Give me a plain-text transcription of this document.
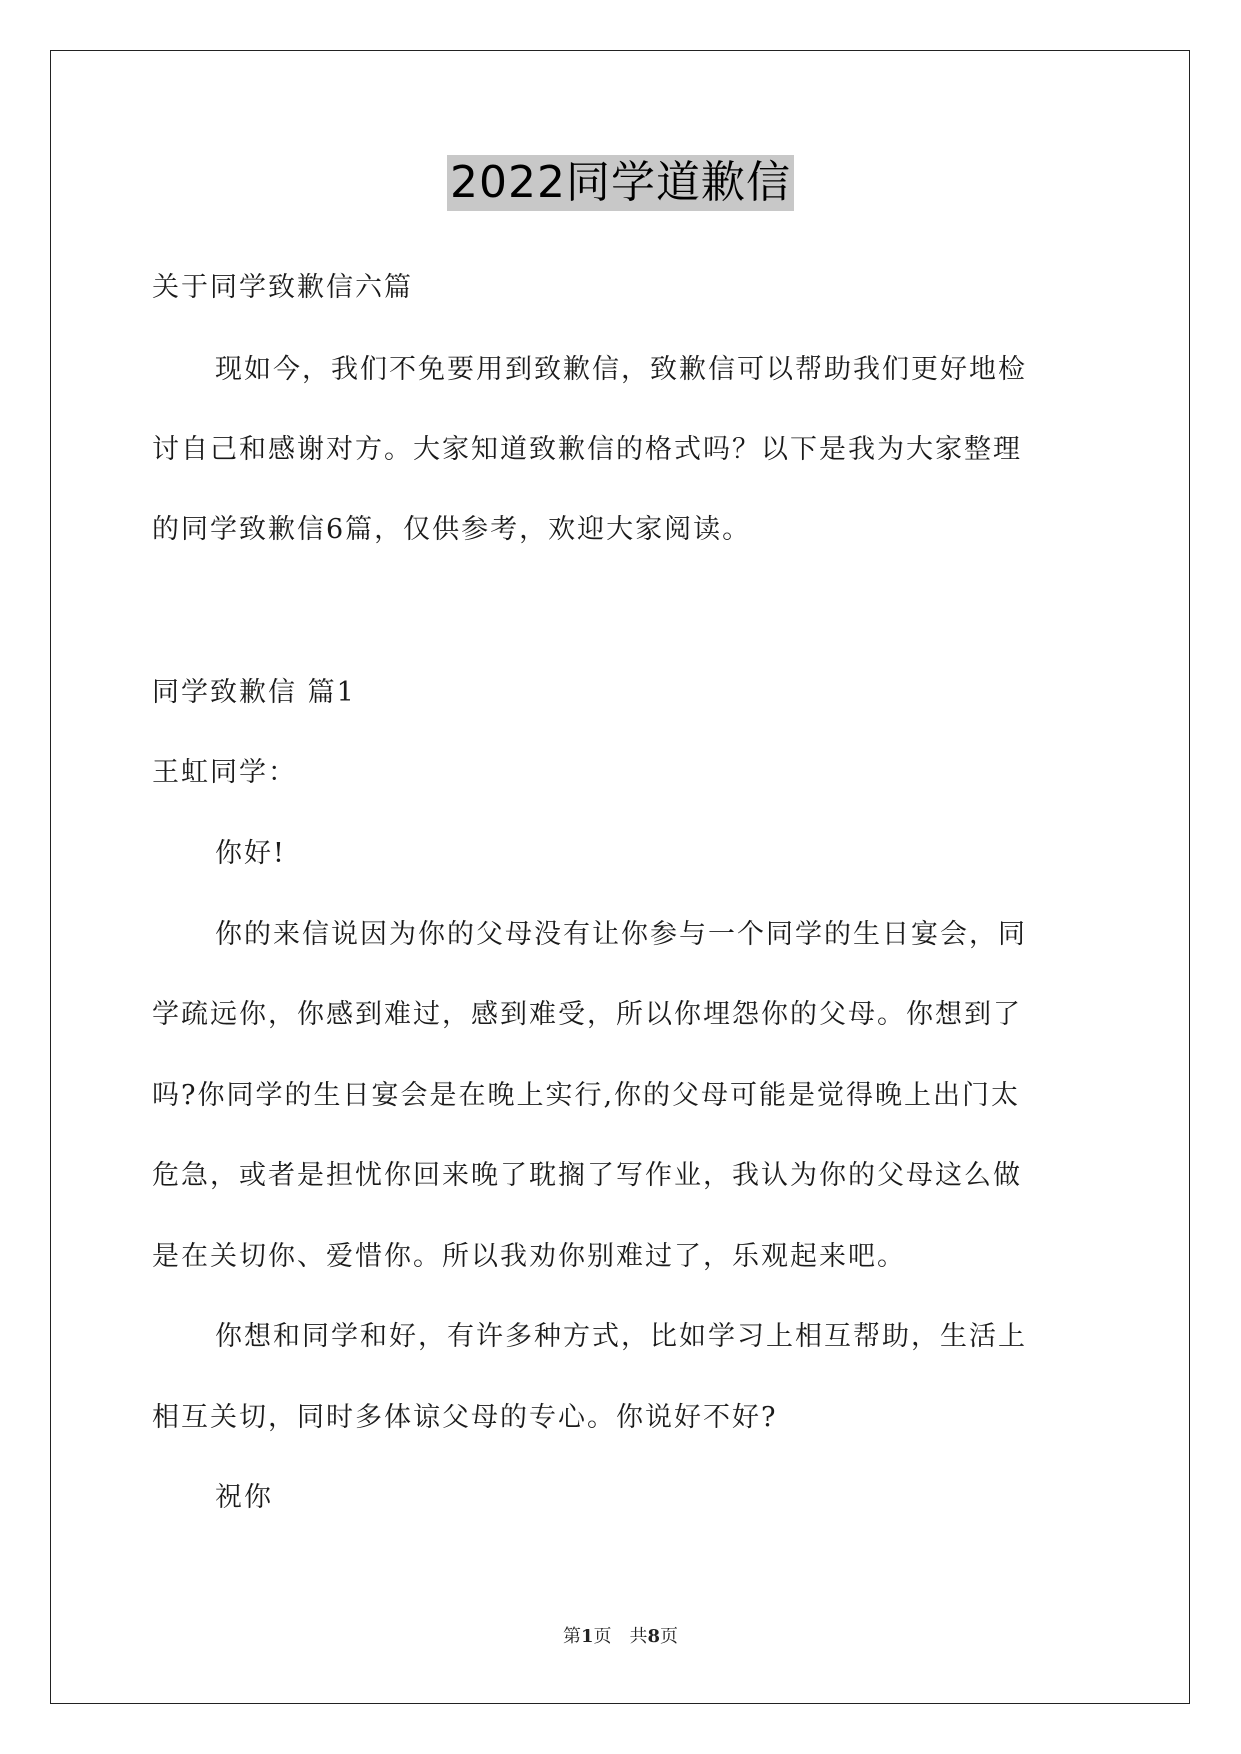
2022同学道歉信
关于同学致歉信六篇
现如今，我们不免要用到致歉信，致歉信可以帮助我们更好地检
讨自己和感谢对方。大家知道致歉信的格式吗？以下是我为大家整理
的同学致歉信6篇，仅供参考，欢迎大家阅读。
同学致歉信 篇1
王虹同学：
你好!
你的来信说因为你的父母没有让你参与一个同学的生日宴会，同
学疏远你，你感到难过，感到难受，所以你埋怨你的父母。你想到了
吗?你同学的生日宴会是在晚上实行,你的父母可能是觉得晚上出门太
危急，或者是担忧你回来晚了耽搁了写作业，我认为你的父母这么做
是在关切你、爱惜你。所以我劝你别难过了，乐观起来吧。
你想和同学和好，有许多种方式，比如学习上相互帮助，生活上
相互关切，同时多体谅父母的专心。你说好不好?
祝你
第1页　共8页
